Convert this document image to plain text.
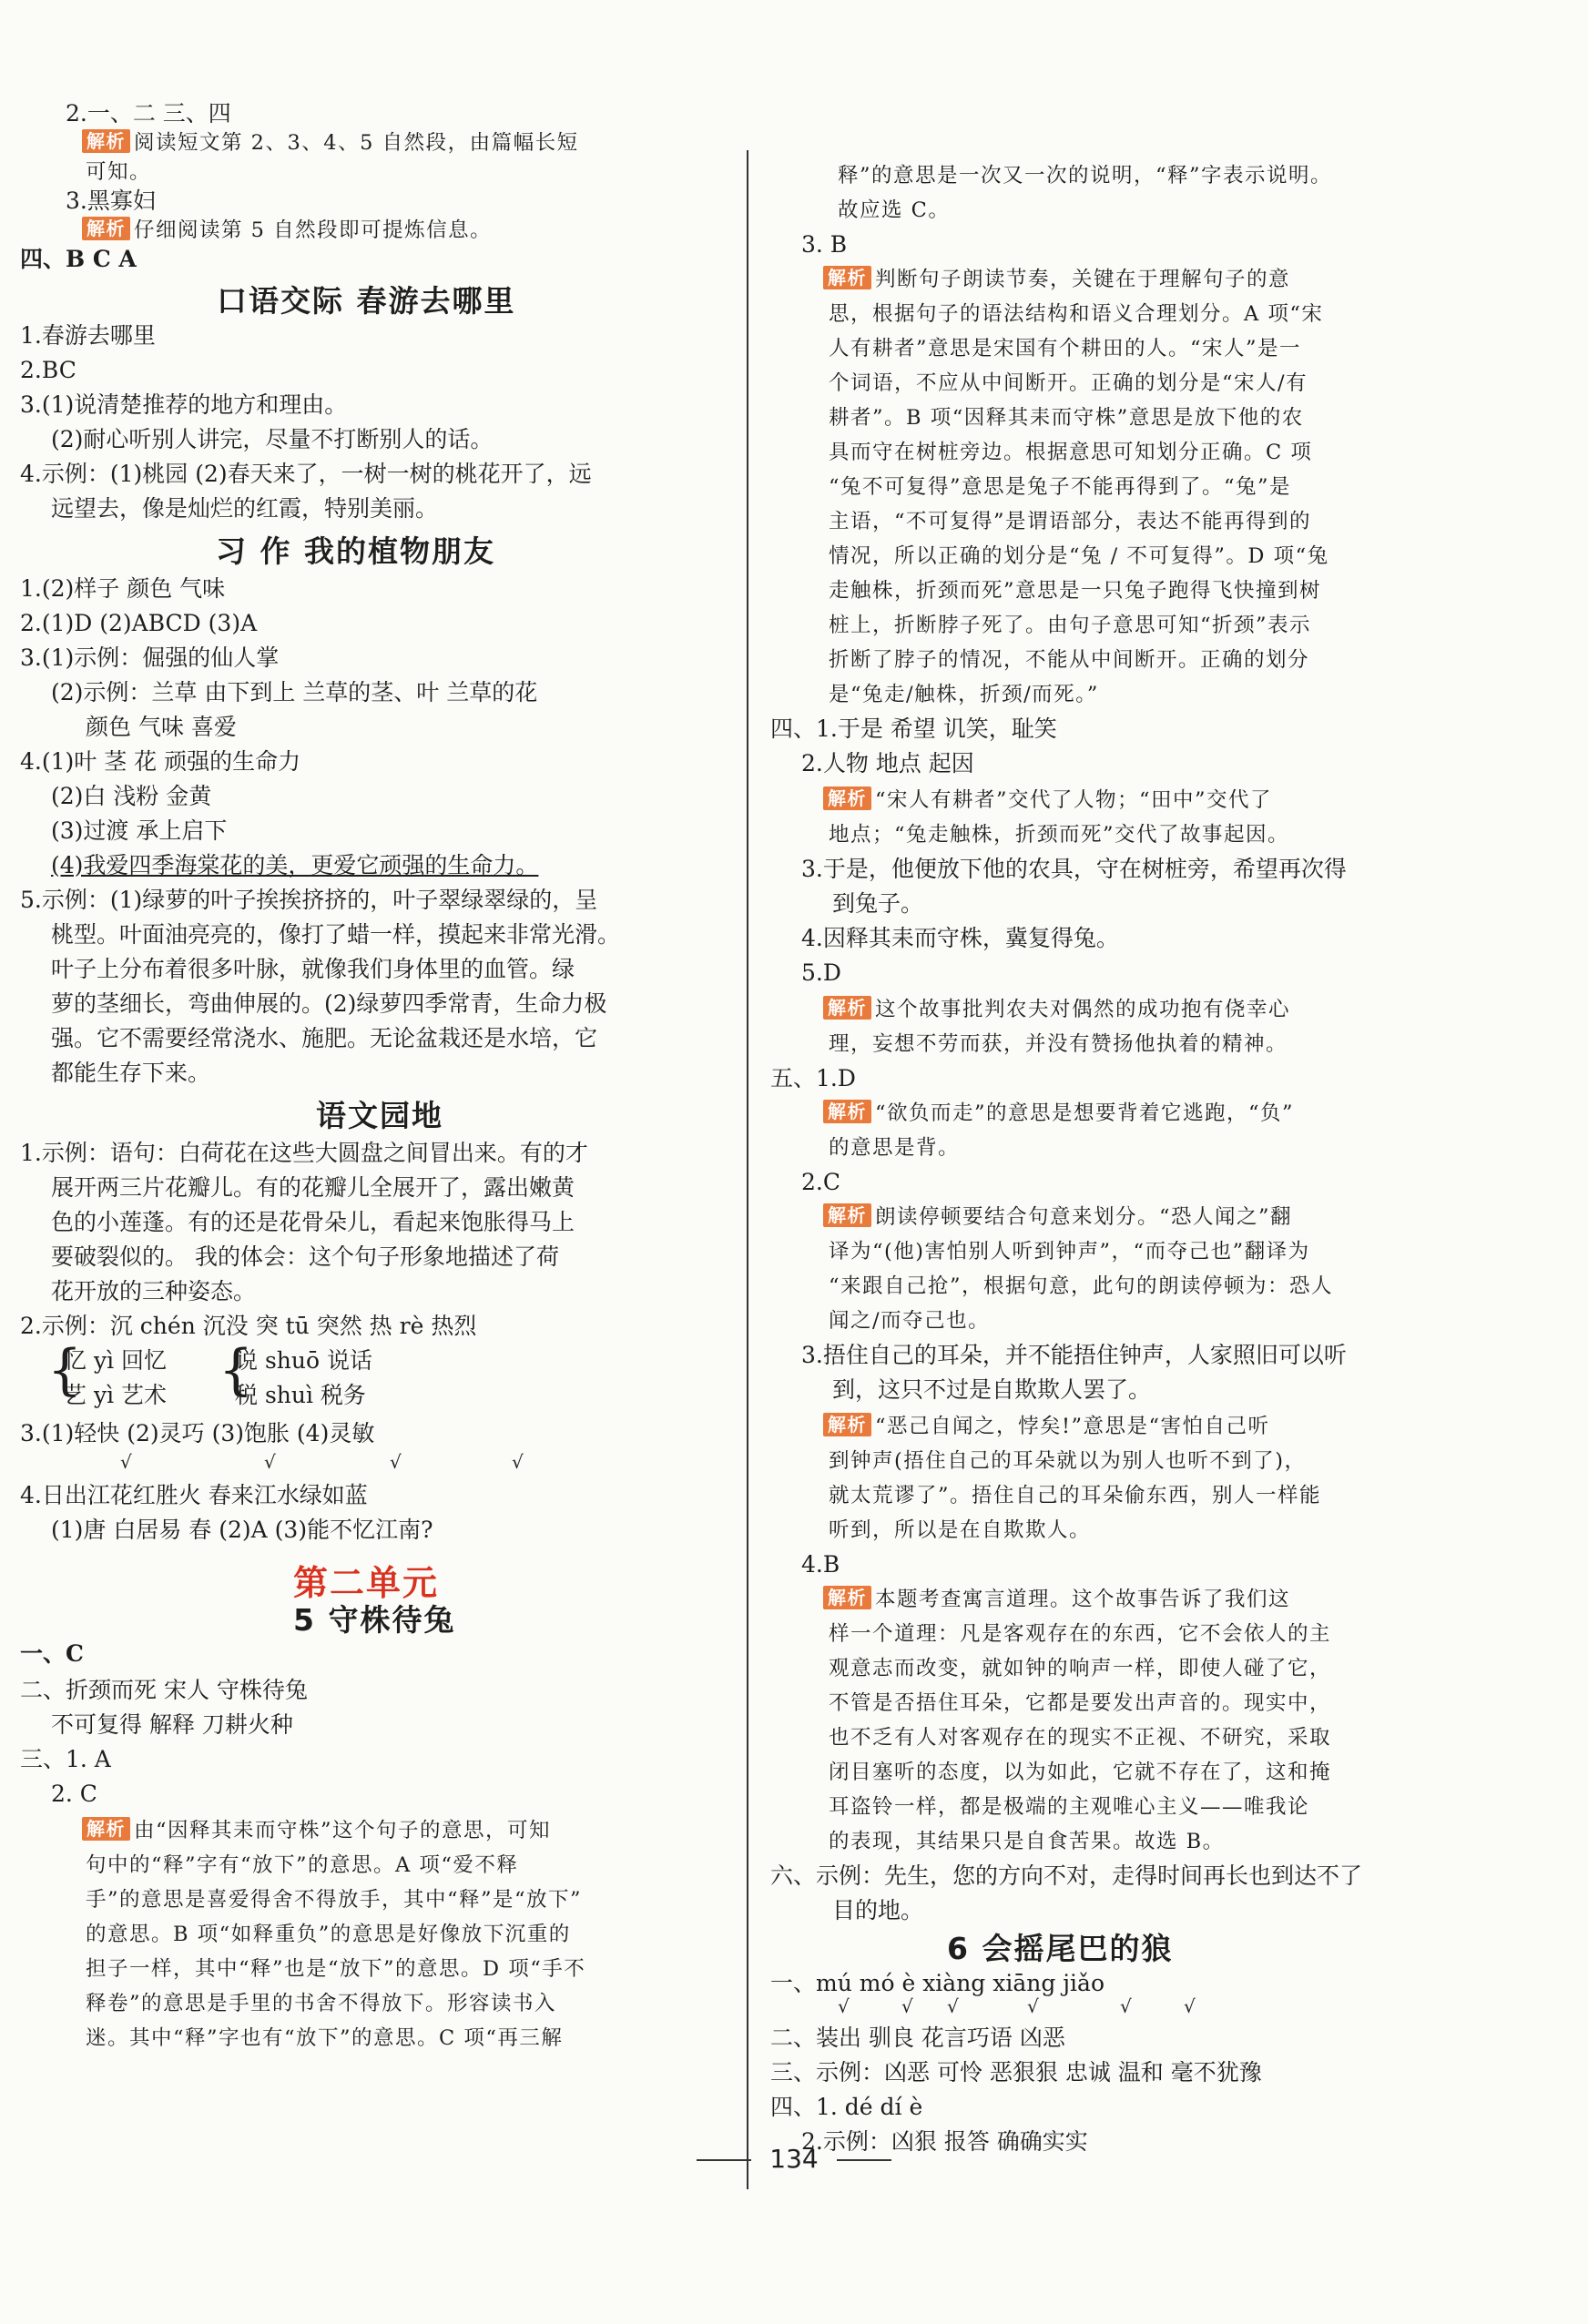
2.一、二 三、四
解析 阅读短文第 2、3、4、5 自然段，由篇幅长短
可知。
3.黑寡妇
解析 仔细阅读第 5 自然段即可提炼信息。
四、B C A
口语交际 春游去哪里
1.春游去哪里
2.BC
3.(1)说清楚推荐的地方和理由。
(2)耐心听别人讲完，尽量不打断别人的话。
4.示例：(1)桃园 (2)春天来了，一树一树的桃花开了，远
远望去，像是灿烂的红霞，特别美丽。
习 作 我的植物朋友
1.(2)样子 颜色 气味
2.(1)D (2)ABCD (3)A
3.(1)示例：倔强的仙人掌
(2)示例：兰草 由下到上 兰草的茎、叶 兰草的花
颜色 气味 喜爱
4.(1)叶 茎 花 顽强的生命力
(2)白 浅粉 金黄
(3)过渡 承上启下
(4)我爱四季海棠花的美，更爱它顽强的生命力。
5.示例：(1)绿萝的叶子挨挨挤挤的，叶子翠绿翠绿的，呈
桃型。叶面油亮亮的，像打了蜡一样，摸起来非常光滑。
叶子上分布着很多叶脉，就像我们身体里的血管。绿
萝的茎细长，弯曲伸展的。(2)绿萝四季常青，生命力极
强。它不需要经常浇水、施肥。无论盆栽还是水培，它
都能生存下来。
语文园地
1.示例：语句：白荷花在这些大圆盘之间冒出来。有的才
展开两三片花瓣儿。有的花瓣儿全展开了，露出嫩黄
色的小莲蓬。有的还是花骨朵儿，看起来饱胀得马上
要破裂似的。 我的体会：这个句子形象地描述了荷
花开放的三种姿态。
2.示例：沉 chén 沉没 突 tū 突然 热 rè 热烈
{
忆 yì 回忆 {
说 shuō 说话
艺 yì 艺术	税 shuì 税务
3.(1)轻快 (2)灵巧 (3)饱胀 (4)灵敏
√	√	√	√
4.日出江花红胜火 春来江水绿如蓝
(1)唐 白居易 春 (2)A (3)能不忆江南?
第二单元
5 守株待兔
一、C
二、折颈而死 宋人 守株待兔
不可复得 解释 刀耕火种
三、1. A
2. C
解析 由“因释其耒而守株”这个句子的意思，可知
句中的“释”字有“放下”的意思。A 项“爱不释
手”的意思是喜爱得舍不得放手，其中“释”是“放下”
的意思。B 项“如释重负”的意思是好像放下沉重的
担子一样，其中“释”也是“放下”的意思。D 项“手不
释卷”的意思是手里的书舍不得放下。形容读书入
迷。其中“释”字也有“放下”的意思。C 项“再三解
释”的意思是一次又一次的说明，“释”字表示说明。
故应选 C。
3. B
解析 判断句子朗读节奏，关键在于理解句子的意
思，根据句子的语法结构和语义合理划分。A 项“宋
人有耕者”意思是宋国有个耕田的人。“宋人”是一
个词语，不应从中间断开。正确的划分是“宋人/有
耕者”。B 项“因释其耒而守株”意思是放下他的农
具而守在树桩旁边。根据意思可知划分正确。C 项
“兔不可复得”意思是兔子不能再得到了。“兔”是
主语，“不可复得”是谓语部分，表达不能再得到的
情况，所以正确的划分是“兔 / 不可复得”。D 项“兔
走触株，折颈而死”意思是一只兔子跑得飞快撞到树
桩上，折断脖子死了。由句子意思可知“折颈”表示
折断了脖子的情况，不能从中间断开。正确的划分
是“兔走/触株，折颈/而死。”
四、1.于是 希望 讥笑，耻笑
2.人物 地点 起因
解析 “宋人有耕者”交代了人物；“田中”交代了
地点；“兔走触株，折颈而死”交代了故事起因。
3.于是，他便放下他的农具，守在树桩旁，希望再次得
到兔子。
4.因释其耒而守株，冀复得兔。
5.D
解析 这个故事批判农夫对偶然的成功抱有侥幸心
理，妄想不劳而获，并没有赞扬他执着的精神。
五、1.D
解析 “欲负而走”的意思是想要背着它逃跑，“负”
的意思是背。
2.C
解析 朗读停顿要结合句意来划分。“恐人闻之”翻
译为“(他)害怕别人听到钟声”，“而夺己也”翻译为
“来跟自己抢”，根据句意，此句的朗读停顿为：恐人
闻之/而夺己也。
3.捂住自己的耳朵，并不能捂住钟声，人家照旧可以听
到，这只不过是自欺欺人罢了。
解析 “恶己自闻之，悖矣!”意思是“害怕自己听
到钟声(捂住自己的耳朵就以为别人也听不到了)，
就太荒谬了”。捂住自己的耳朵偷东西，别人一样能
听到，所以是在自欺欺人。
4.B
解析 本题考查寓言道理。这个故事告诉了我们这
样一个道理：凡是客观存在的东西，它不会依人的主
观意志而改变，就如钟的响声一样，即使人碰了它，
不管是否捂住耳朵，它都是要发出声音的。现实中，
也不乏有人对客观存在的现实不正视、不研究，采取
闭目塞听的态度，以为如此，它就不存在了，这和掩
耳盗铃一样，都是极端的主观唯心主义——唯我论
的表现，其结果只是自食苦果。故选 B。
六、示例：先生，您的方向不对，走得时间再长也到达不了
目的地。
6 会摇尾巴的狼
一、mú mó è xiàng xiāng jiǎo
√	√ √	√	√	√
二、装出 驯良 花言巧语 凶恶
三、示例：凶恶 可怜 恶狠狠 忠诚 温和 毫不犹豫
四、1. dé dí è
2.示例：凶狠 报答 确确实实
134
